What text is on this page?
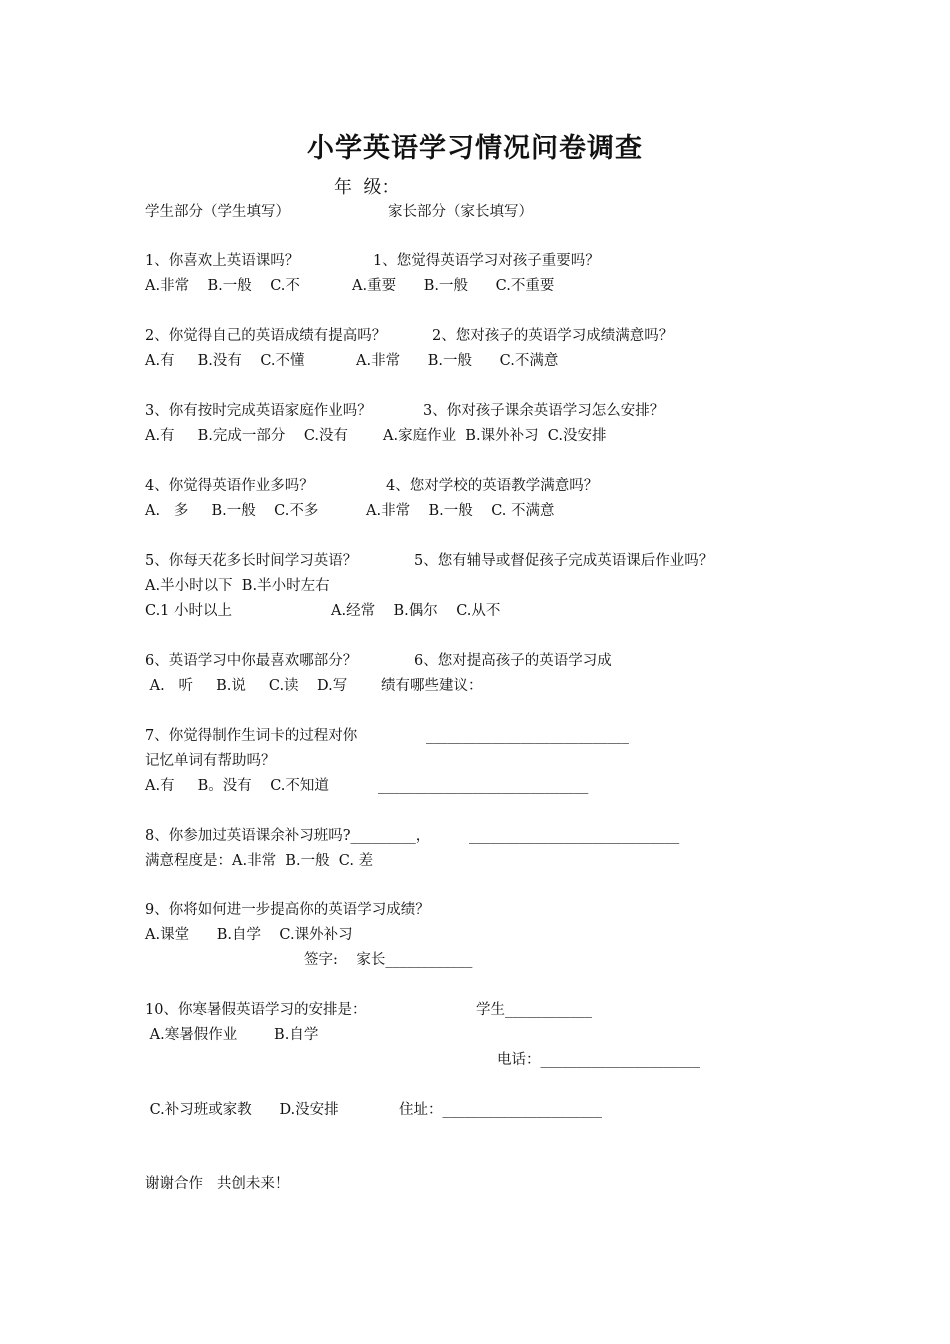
小学英语学习情况问卷调查
年  级：
学生部分（学生填写）	家长部分（家长填写）
1、你喜欢上英语课吗？	1、您觉得英语学习对孩子重要吗？
A.非常    B.一般    C.不	A.重要      B.一般      C.不重要
2、你觉得自己的英语成绩有提高吗？	2、您对孩子的英语学习成绩满意吗？
A.有     B.没有    C.不懂	A.非常      B.一般      C.不满意
3、你有按时完成英语家庭作业吗？	3、你对孩子课余英语学习怎么安排？
A.有     B.完成一部分    C.没有 A.家庭作业  B.课外补习  C.没安排
4、你觉得英语作业多吗？	4、您对学校的英语教学满意吗？
A.   多     B.一般    C.不多	A.非常    B.一般    C. 不满意
5、你每天花多长时间学习英语？	5、您有辅导或督促孩子完成英语课后作业吗？
A.半小时以下  B.半小时左右
C.1 小时以上	A.经常    B.偶尔    C.从不
6、英语学习中你最喜欢哪部分？	6、您对提高孩子的英语学习成
A.   听     B.说     C.读    D.写 绩有哪些建议：
7、你觉得制作生词卡的过程对你	____________________________
记忆单词有帮助吗？
A.有     B。没有    C.不知道	_____________________________
8、你参加过英语课余补习班吗?_________，	_____________________________
满意程度是：A.非常  B.一般  C. 差
9、你将如何进一步提高你的英语学习成绩？
A.课堂      B.自学    C.课外补习
签字:    家长____________
10、你寒暑假英语学习的安排是：	学生____________
A.寒暑假作业        B.自学
电话：______________________
C.补习班或家教      D.没安排	住址：______________________
谢谢合作   共创未来！
